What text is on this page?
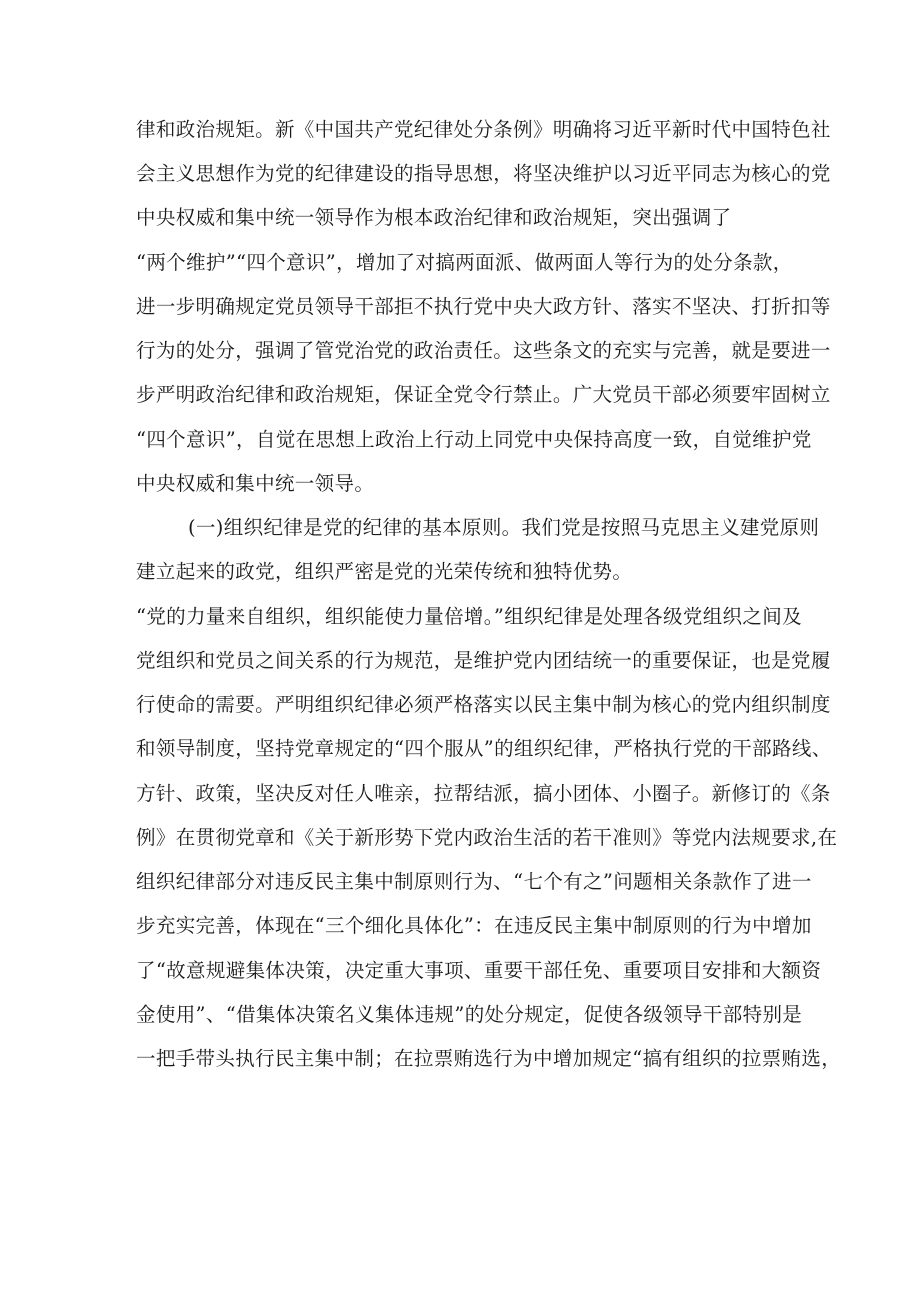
律和政治规矩。新《中国共产党纪律处分条例》明确将习近平新时代中国特色社
会主义思想作为党的纪律建设的指导思想，将坚决维护以习近平同志为核心的党
中央权威和集中统一领导作为根本政治纪律和政治规矩，突出强调了
“两个维护”“四个意识”，增加了对搞两面派、做两面人等行为的处分条款，
进一步明确规定党员领导干部拒不执行党中央大政方针、落实不坚决、打折扣等
行为的处分，强调了管党治党的政治责任。这些条文的充实与完善，就是要进一
步严明政治纪律和政治规矩，保证全党令行禁止。广大党员干部必须要牢固树立
“四个意识”，自觉在思想上政治上行动上同党中央保持高度一致，自觉维护党
中央权威和集中统一领导。
(一)组织纪律是党的纪律的基本原则。我们党是按照马克思主义建党原则
建立起来的政党，组织严密是党的光荣传统和独特优势。
“党的力量来自组织，组织能使力量倍增。”组织纪律是处理各级党组织之间及
党组织和党员之间关系的行为规范，是维护党内团结统一的重要保证，也是党履
行使命的需要。严明组织纪律必须严格落实以民主集中制为核心的党内组织制度
和领导制度，坚持党章规定的“四个服从”的组织纪律，严格执行党的干部路线、
方针、政策，坚决反对任人唯亲，拉帮结派，搞小团体、小圈子。新修订的《条
例》在贯彻党章和《关于新形势下党内政治生活的若干准则》等党内法规要求,在
组织纪律部分对违反民主集中制原则行为、“七个有之”问题相关条款作了进一
步充实完善，体现在“三个细化具体化”：在违反民主集中制原则的行为中增加
了“故意规避集体决策，决定重大事项、重要干部任免、重要项目安排和大额资
金使用”、“借集体决策名义集体违规”的处分规定，促使各级领导干部特别是
一把手带头执行民主集中制；在拉票贿选行为中增加规定“搞有组织的拉票贿选，
